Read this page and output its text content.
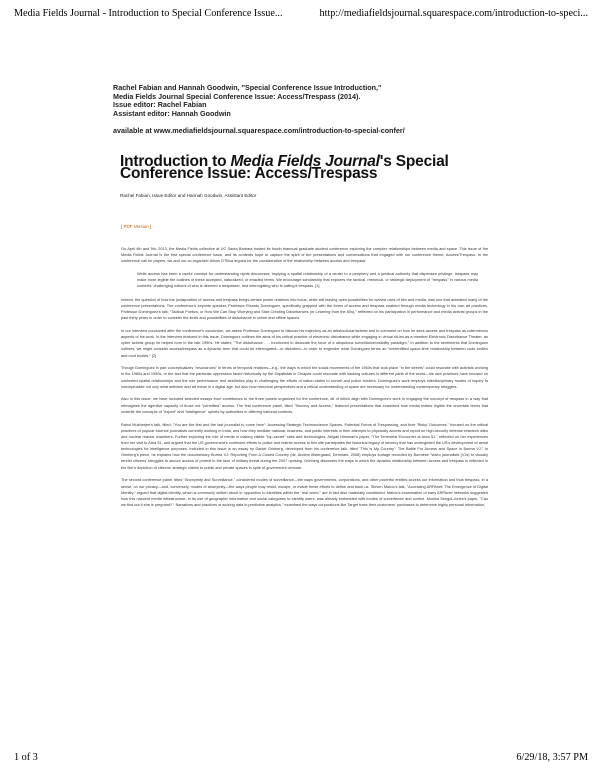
Media Fields Journal - Introduction to Special Conference Issue...	http://mediafieldsjournal.squarespace.com/introduction-to-speci...
Rachel Fabian and Hannah Goodwin, "Special Conference Issue Introduction,"
Media Fields Journal Special Conference Issue: Access/Trespass (2014).
Issue editor: Rachel Fabian
Assistant editor: Hannah Goodwin
available at www.mediafieldsjournal.squarespace.com/introduction-to-special-confer/
Introduction to Media Fields Journal's Special Conference Issue: Access/Trespass
Rachel Fabian, Issue Editor and Hannah Goodwin, Assistant Editor
[ PDF Version ]

On April 4th and 5th, 2013, the Media Fields collective at UC Santa Barbara hosted its fourth biannual graduate student conference exploring the complex relationships between media and space. This issue of the Media Fields Journal is the first special conference issue, and its contents hope to capture the spirit of the presentations and conversations that engaged with our conference theme, Access/Trespass. In the conference call for papers, we and our co-organizer Alison D'Silva argued for the consideration of the relationship between access and trespass:

While access has been a useful concept for understanding rights discourses, implying a spatial relationship of a center to a periphery and a juridical authority that dispenses privilege, trespass may make more legible the outlines of these accepted, naturalized, or enacted terms. We encourage scholarship that explores the tactical, rhetorical, or strategic deployment of "trespass" in various media contexts, challenging notions of who is deemed a trespasser, and interrogating who is calling it trespass. [1]

Indeed, the question of how the juxtaposition of access and trespass brings certain power relations into focus, while still leaving open possibilities for activist uses of film and media, was one that animated many of the conference presentations. The conference's keynote speaker, Professor Ricardo Dominguez, specifically grappled with the forms of access and trespass enabled through media technology in his own art practices. Professor Dominguez's talk, "Tactical Poetics, or How We Can Stop Worrying and Start Creating Disturbances (or Learning from the 60s)," reflected on his participation in performance and media activist groups in the past thirty years in order to consider the limits and possibilities of disturbance in online and offline spaces.

In our interview conducted after the conference's conclusion, we asked Professor Dominguez to discuss his trajectory as an artist/scholar/activist and to comment on how he sees access and trespass as coterminous aspects of his work. In the interview featured in this issue, Dominguez outlines the aims of his critical practice of electronic disturbance while engaging in virtual sit-ins as a member Electronic Disturbance Theater, an cyber activist group he helped form in the late 1990s. He states, "The disturbance . . . functioned to dislocate the force of a ubiquitous surveillance/visibility paradigm." In addition to the sentiments that Dominguez outlines, we might consider access/trespass as a dynamic term that could be interrogated—or disturbed—in order to engender what Dominguez terms an "unidentified space-time relationship between code bodies and mod bodies." [2]

Though Dominguez in part conceptualizes "resonances" in terms of temporal relations—e.g., the ways in which the social movements of the 1960s that took place "in the streets" could resonate with activists working in the 1980s and 1990s, or the fact that the particular oppression faced historically by the Zapatistas in Chiapas could resonate with hacking cultures in different parts of the world—his own practices have focused on contested spatial relationships and the role performance and aesthetics play in challenging the efforts of nation-states to surveil and police borders. Dominguez's work employs interdisciplinary modes of inquiry to conceptualize not only what activism and art mean in a digital age, but also how historical perspectives and a critical understanding of space are necessary for understanding contemporary struggles.

Also in this issue, we have included selected essays from contributors to the three panels organized for the conference, all of which align with Dominguez's work in engaging the concept of trespass in a way that reimagines the agentive capacity of those not "permitted" access. The first conference panel, titled "Secrecy and Access," featured presentations that examined how media makes legible the uncertain terms that underlie the concepts of "expert" and "intelligence" upheld by authorities in differing national contexts.

Rahul Mukherjee's talk, titled, "You are the first and the last journalist to come here": Accessing Strategic Technoscience Spaces, Potential Forms of Trespassing, and their 'Risky' Outcomes," focused on the critical practices of popular science journalists currently working in India, and how they mediate national, business, and public interests in their attempts to physically access and report on high-security defense research sites and nuclear reactor chambers. Further exploring the role of media in making visible "top-secret" sites and technologies, Abigail Hinsman's paper, "The Terrestrial Encounter at Area 51," reflected on her experiences from her visit to Area 51, and argued that the US government's continued efforts to police and restrict access to this site participates the historical legacy of secrecy that has undergirded the US's development of aerial technologies for intelligence purposes. Included in this issue is an essay by Daniel Grinberg, developed from his conference talk, titled "This is My Country": The Battle For Access and Space in Burma VJ." In Grinberg's piece, he explains how the documentary Burma VJ: Reporting From A Closed Country (dir. Anders Østergaard, Denmark, 2008) employs footage recorded by Burmese "video journalists (VJs) to visually render citizens' struggles to secure access of protest in the face of military threat during the 2007 uprising. Grinberg discusses the ways in which the dynamic relationship between access and trespass is reflected in the film's depiction of citizens' strategic claims to public and private spaces in spite of government censure.

The second conference panel, titled "Anonymity and Surveillance," considered modes of surveillance—the ways governments, corporations, and other powerful entities access our information and thus trespass, in a sense, on our privacy—and, conversely, modes of anonymity—the ways people may resist, escape, or evade these efforts to define and track us. Steven Malcic's talk, "Accessing ARPAnet: The Emergence of Digital Identity," argued that digital identity, which is commonly written about in opposition to identities within the "real world," are in fact also materially constituted. Malcic's examination of early ARPAnet networks suggested how this nascent media infrastructure, in its use of geographic information and social categories to identify users, was already embedded with modes of surveillance and control. Monika Sengul-Jones's paper, "Can we find out if she is pregnant?": Narratives and practices of scoring data in predictive analytics," examined the ways corporations like Target trace their customers' purchases to determine highly personal information,

1 of 3	6/29/18, 3:57 PM
